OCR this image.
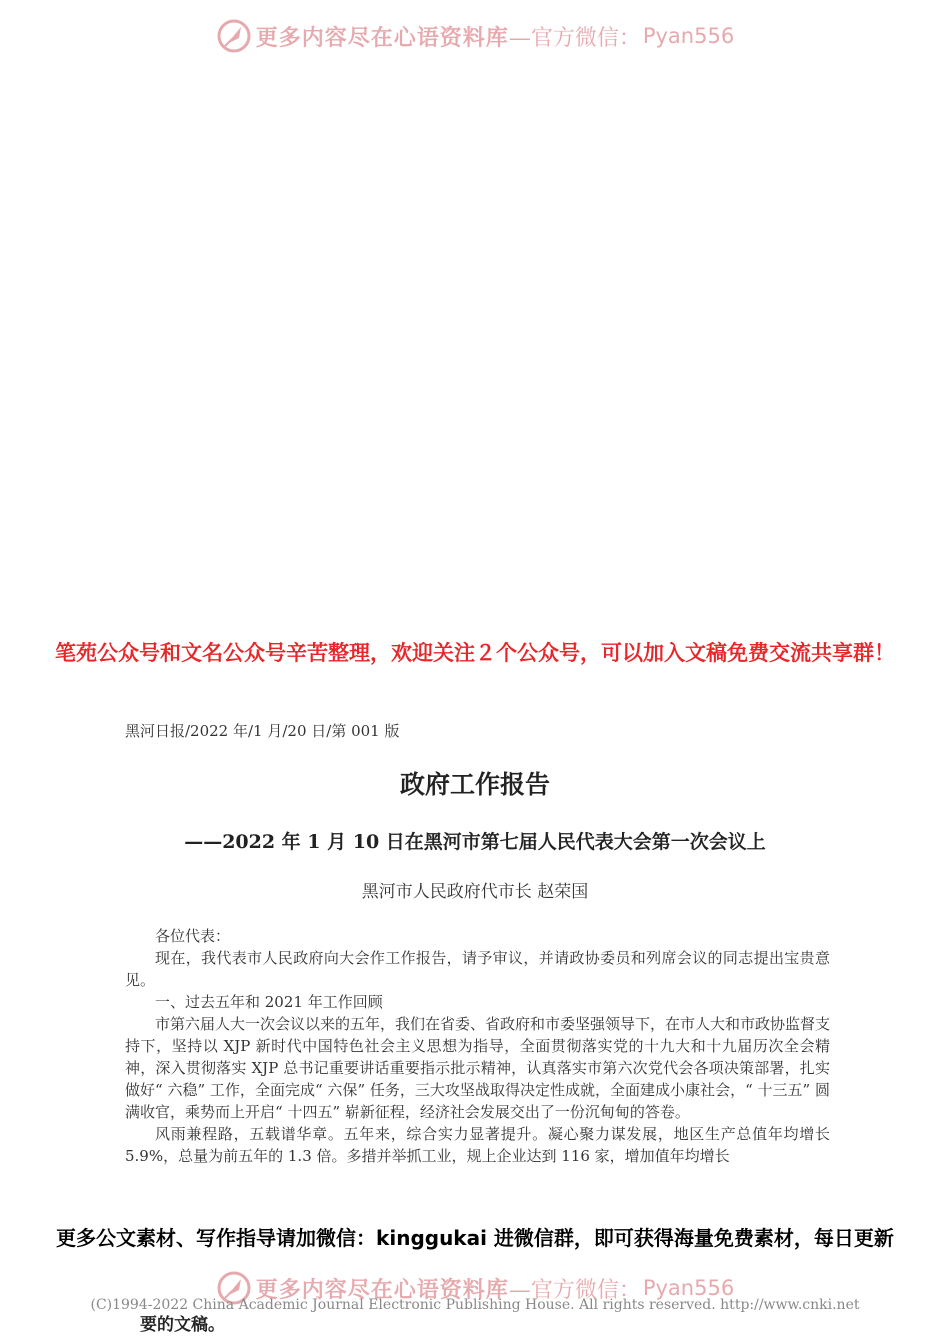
更多内容尽在心语资料库 —官方微信： Pyan556
笔苑公众号和文名公众号辛苦整理，欢迎关注２个公众号，可以加入文稿免费交流共享群！
黑河日报/2022 年/1 月/20 日/第 001 版
政府工作报告
——2022 年 1 月 10 日在黑河市第七届人民代表大会第一次会议上
黑河市人民政府代市长 赵荣国

各位代表：

现在，我代表市人民政府向大会作工作报告，请予审议，并请政协委员和列席会议的同志提出宝贵意见。

一、过去五年和 2021 年工作回顾

市第六届人大一次会议以来的五年，我们在省委、省政府和市委坚强领导下，在市人大和市政协监督支持下，坚持以 XJP 新时代中国特色社会主义思想为指导，全面贯彻落实党的十九大和十九届历次全会精神，深入贯彻落实 XJP 总书记重要讲话重要指示批示精神，认真落实市第六次党代会各项决策部署，扎实做好“ 六稳” 工作，全面完成“ 六保” 任务，三大攻坚战取得决定性成就，全面建成小康社会，“ 十三五” 圆满收官，乘势而上开启“ 十四五” 崭新征程，经济社会发展交出了一份沉甸甸的答卷。

风雨兼程路，五载谱华章。五年来，综合实力显著提升。凝心聚力谋发展，地区生产总值年均增长 5.9%，总量为前五年的 1.3 倍。多措并举抓工业，规上企业达到 116 家，增加值年均增长

更多公文素材、写作指导请加微信：kinggukai 进微信群，即可获得海量免费素材，每日更新
更多内容尽在心语资料库 —官方微信： Pyan556
(C)1994-2022 China Academic Journal Electronic Publishing House. All rights reserved. http://www.cnki.net
要的文稿。
